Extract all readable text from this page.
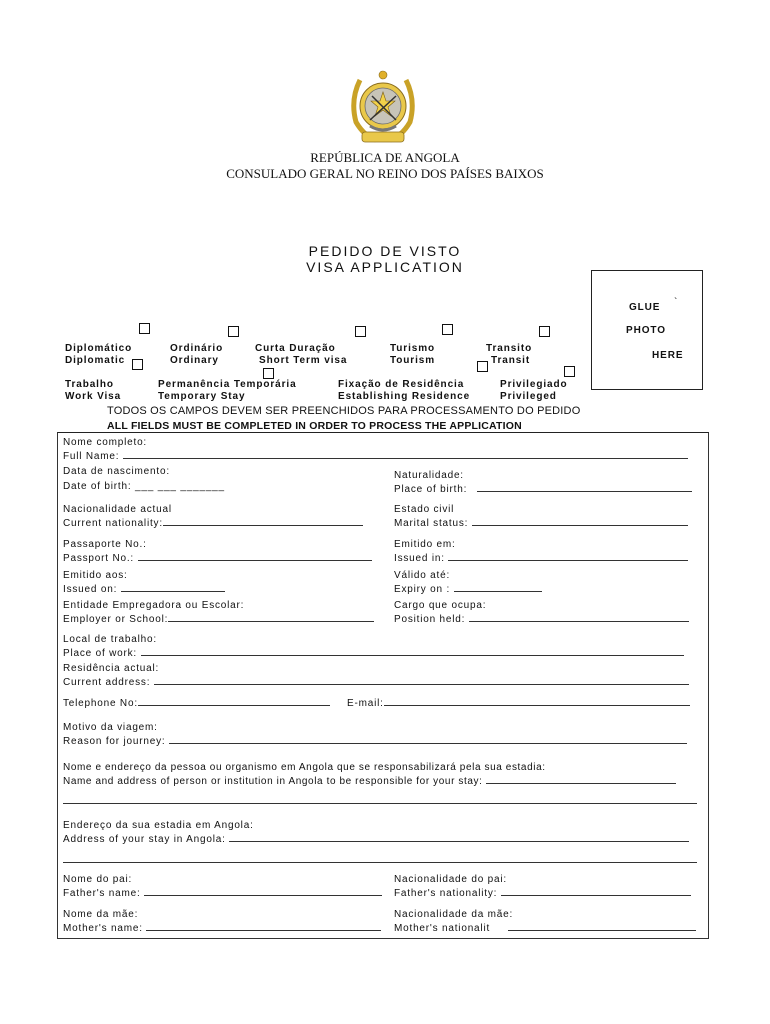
REPÚBLICA DE ANGOLA
CONSULADO GERAL NO REINO DOS PAÍSES BAIXOS
PEDIDO DE VISTO
VISA APPLICATION
GLUE `
PHOTO
HERE

Diplomático
Diplomatic

Ordinário
Ordinary

Curta Duração
Short Term visa

Turismo
Tourism

Transito
Transit

Trabalho
Work Visa

Permanência Temporária
Temporary Stay

Fixação de Residência
Establishing Residence

Privilegiado
Privileged

TODOS OS CAMPOS DEVEM SER PREENCHIDOS PARA PROCESSAMENTO DO PEDIDO
ALL FIELDS MUST BE COMPLETED IN ORDER TO PROCESS THE APPLICATION
Nome completo:
Full Name:
Data de nascimento:
Date of birth: ___ ___ _______
Naturalidade:
Place of birth:
Nacionalidade actual
Current nationality:
Estado civil
Marital status:
Passaporte No.:
Passport No.:
Emitido em:
Issued in:
Emitido aos:
Issued on:
Válido até:
Expiry on :
Entidade Empregadora ou Escolar:
Employer or School:
Cargo que ocupa:
Position held:
Local de trabalho:
Place of work:
Residência actual:
Current address:
Telephone No:	E-mail:
Motivo da viagem:
Reason for journey:
Nome e endereço da pessoa ou organismo em Angola que se responsabilizará pela sua estadia:
Name and address of person or institution in Angola to be responsible for your stay:
Endereço da sua estadia em Angola:
Address of your stay in Angola:
Nome do pai:
Father's name:
Nacionalidade do pai:
Father's nationality:
Nome da mãe:
Mother's name:
Nacionalidade da mãe:
Mother's nationalit
